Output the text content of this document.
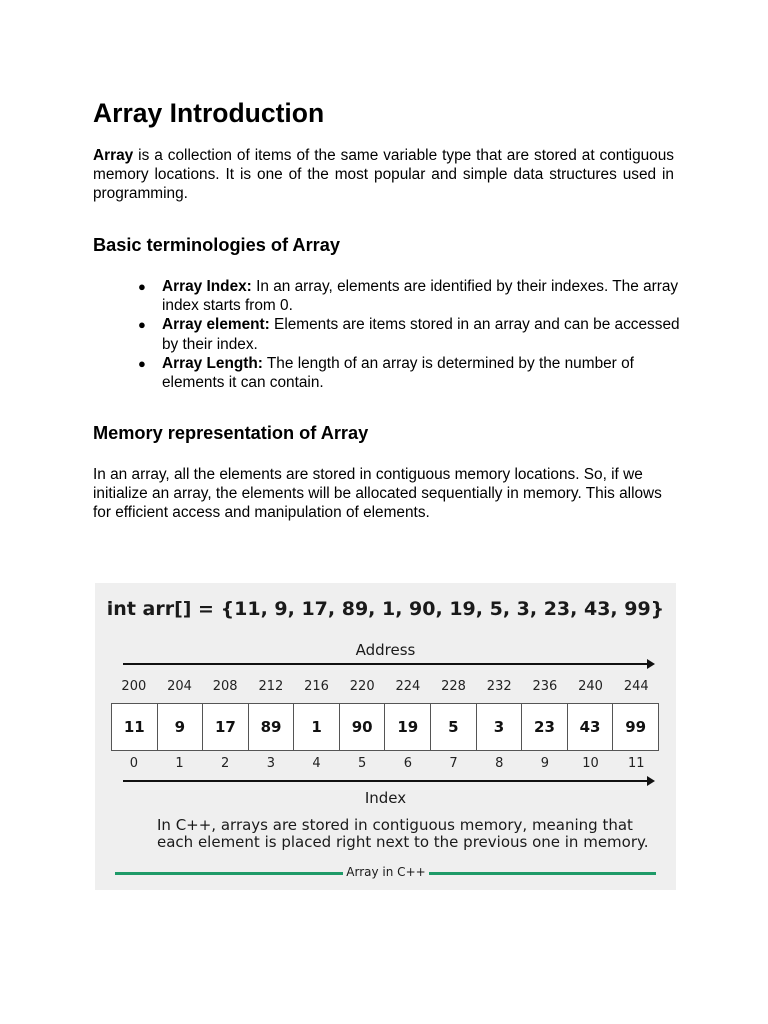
Array Introduction

Array is a collection of items of the same variable type that are stored at contiguous memory locations. It is one of the most popular and simple data structures used in programming.

Basic terminologies of Array
● Array Index: In an array, elements are identified by their indexes. The array index starts from 0.
● Array element: Elements are items stored in an array and can be accessed by their index.
● Array Length: The length of an array is determined by the number of elements it can contain.
Memory representation of Array

In an array, all the elements are stored in contiguous memory locations. So, if we initialize an array, the elements will be allocated sequentially in memory. This allows for efficient access and manipulation of elements.

int arr[] = {11, 9, 17, 89, 1, 90, 19, 5, 3, 23, 43, 99}
Address
200	204	208	212	216	220	224	228	232	236	240	244
11	9	17	89	1	90	19	5	3	23	43	99
0	1	2	3	4	5	6	7	8	9	10	11
Index
In C++, arrays are stored in contiguous memory, meaning that each element is placed right next to the previous one in memory.
Array in C++
